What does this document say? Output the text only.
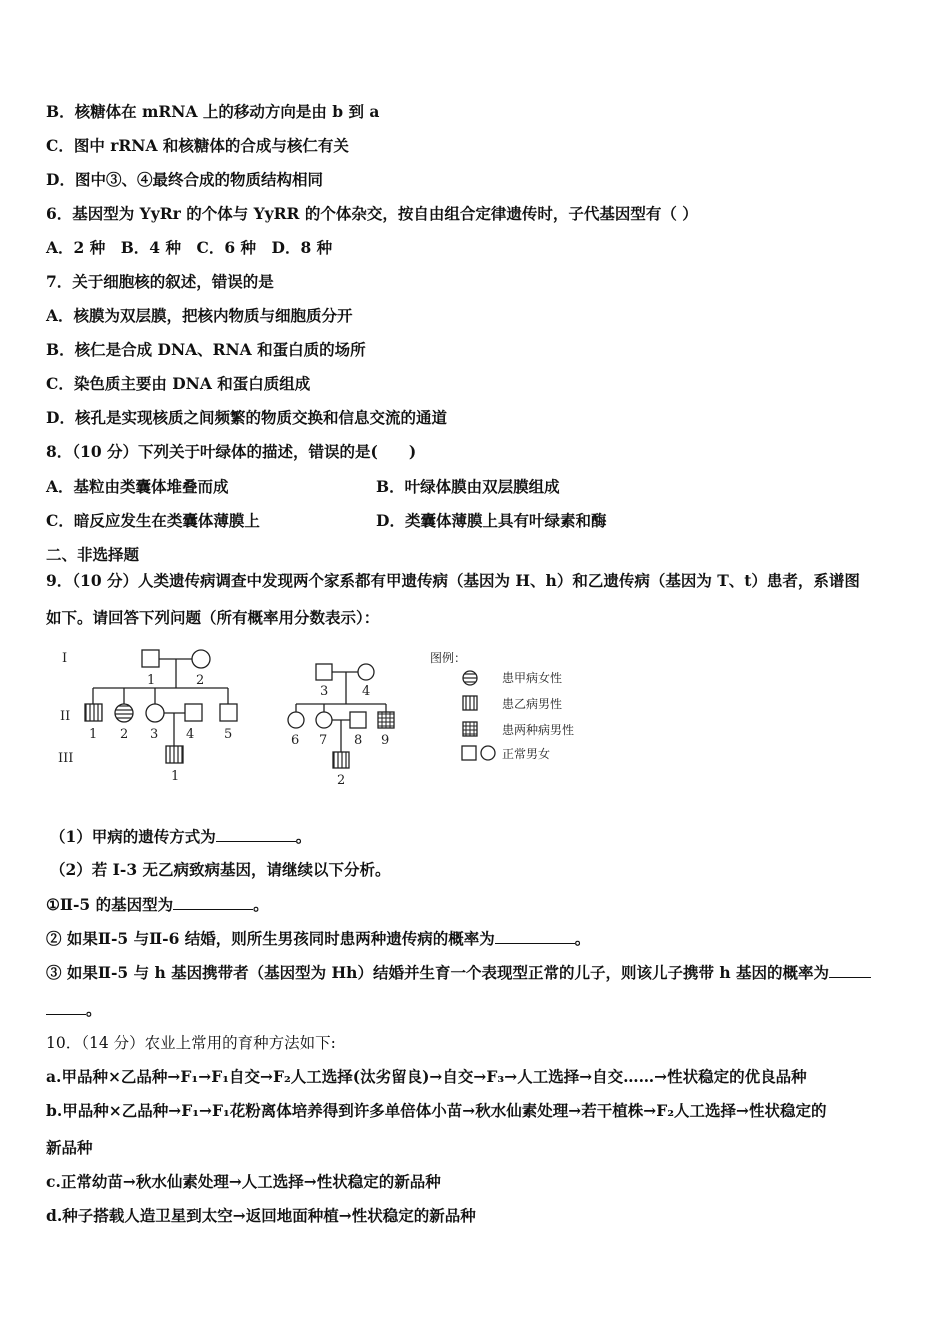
B．核糖体在 mRNA 上的移动方向是由 b 到 a
C．图中 rRNA 和核糖体的合成与核仁有关
D．图中③、④最终合成的物质结构相同
6．基因型为 YyRr 的个体与 YyRR 的个体杂交，按自由组合定律遗传时，子代基因型有（ ）
A．2 种　B．4 种　C．6 种　D．8 种
7．关于细胞核的叙述，错误的是
A．核膜为双层膜，把核内物质与细胞质分开
B．核仁是合成 DNA、RNA 和蛋白质的场所
C．染色质主要由 DNA 和蛋白质组成
D．核孔是实现核质之间频繁的物质交换和信息交流的通道
8．（10 分）下列关于叶绿体的描述，错误的是(　　)
A．基粒由类囊体堆叠而成	B．叶绿体膜由双层膜组成
C．暗反应发生在类囊体薄膜上	D．类囊体薄膜上具有叶绿素和酶
二、非选择题
9．（10 分）人类遗传病调查中发现两个家系都有甲遗传病（基因为 H、h）和乙遗传病（基因为 T、t）患者，系谱图
如下。请回答下列问题（所有概率用分数表示）：
I
II
III
1	2
1 2 3 4 5
1
3	4
6 7 8 9
2
图例：
患甲病女性
患乙病男性
患两种病男性
正常男女
（1）甲病的遗传方式为	。
（2）若 I-3 无乙病致病基因，请继续以下分析。
①Ⅱ-5 的基因型为	。
② 如果Ⅱ-5 与Ⅱ-6 结婚，则所生男孩同时患两种遗传病的概率为	。
③ 如果Ⅱ-5 与 h 基因携带者（基因型为 Hh）结婚并生育一个表现型正常的儿子，则该儿子携带 h 基因的概率为
。
10．（14 分）农业上常用的育种方法如下:
a.甲品种×乙品种→F₁→F₁自交→F₂人工选择(汰劣留良)→自交→F₃→人工选择→自交……→性状稳定的优良品种
b.甲品种×乙品种→F₁→F₁花粉离体培养得到许多单倍体小苗→秋水仙素处理→若干植株→F₂人工选择→性状稳定的
新品种
c.正常幼苗→秋水仙素处理→人工选择→性状稳定的新品种
d.种子搭载人造卫星到太空→返回地面种植→性状稳定的新品种
